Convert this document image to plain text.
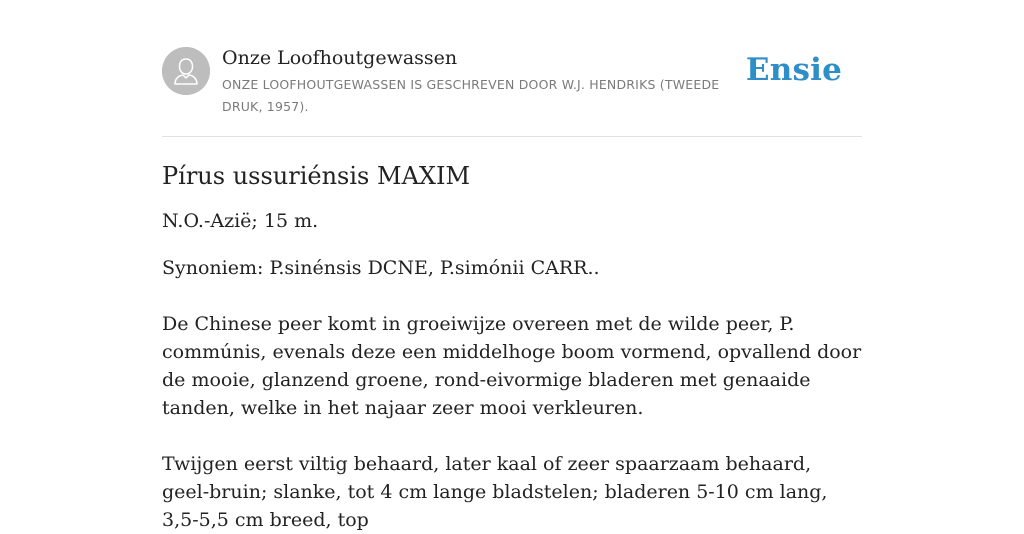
Onze Loofhoutgewassen
ONZE LOOFHOUTGEWASSEN IS GESCHREVEN DOOR W.J. HENDRIKS (TWEEDE DRUK, 1957).
Ensie
Pírus ussuriénsis MAXIM

N.O.-Azië; 15 m.

Synoniem: P.sinénsis DCNE, P.simónii CARR..

De Chinese peer komt in groeiwijze overeen met de wilde peer, P. commúnis, evenals deze een middelhoge boom vormend, opvallend door de mooie, glanzend groene, rond-eivormige bladeren met genaaide tanden, welke in het najaar zeer mooi verkleuren.

Twijgen eerst viltig behaard, later kaal of zeer spaarzaam behaard, geel-bruin; slanke, tot 4 cm lange bladstelen; bladeren 5-10 cm lang, 3,5-5,5 cm breed, top
